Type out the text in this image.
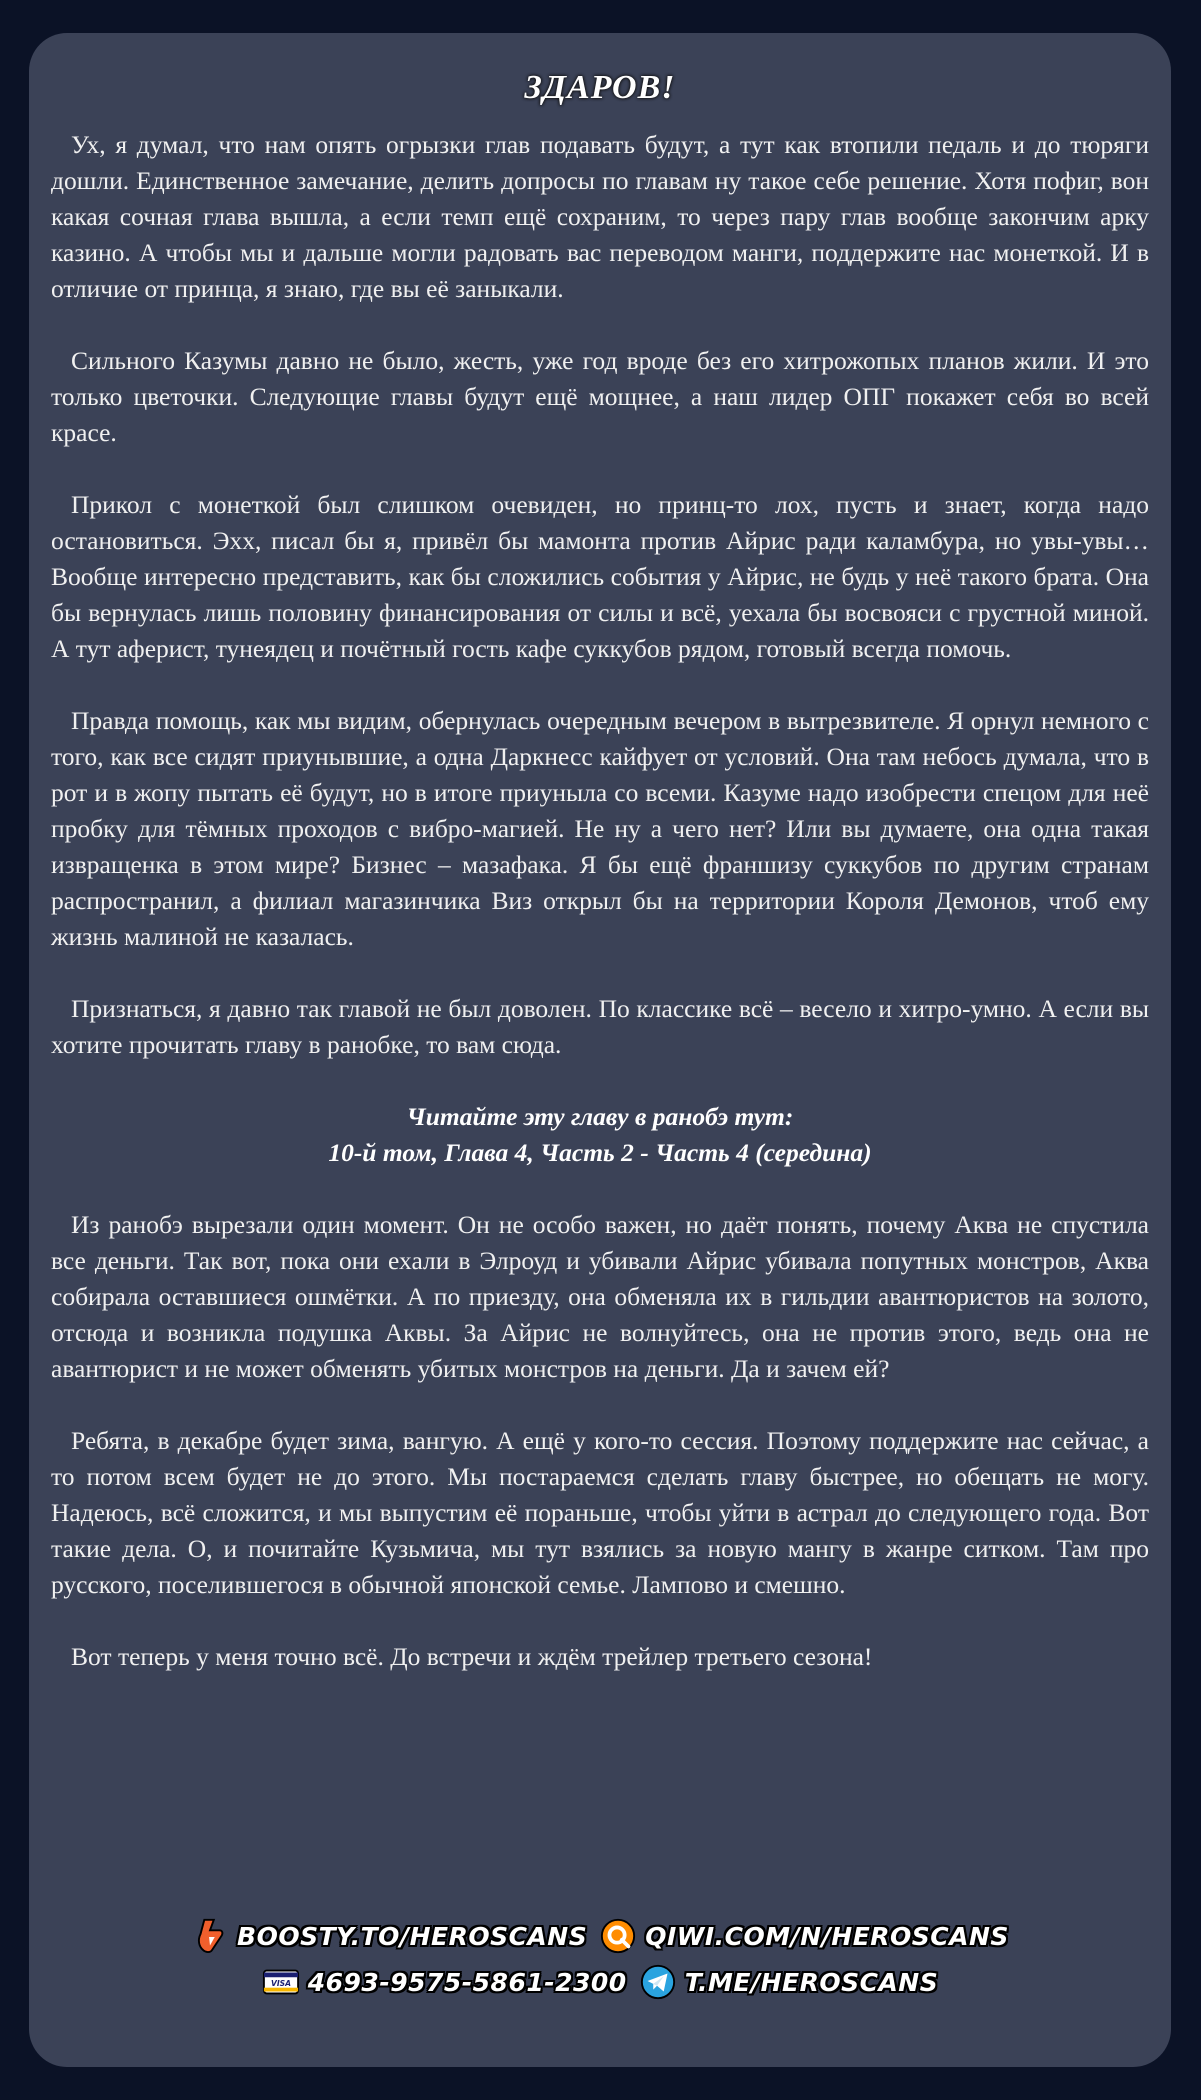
ЗДАРОВ!
Ух, я думал, что нам опять огрызки глав подавать будут, а тут как втопили педаль и до тюряги дошли. Единственное замечание, делить допросы по главам ну такое себе решение. Хотя пофиг, вон какая сочная глава вышла, а если темп ещё сохраним, то через пару глав вообще закончим арку казино. А чтобы мы и дальше могли радовать вас переводом манги, поддержите нас монеткой. И в отличие от принца, я знаю, где вы её заныкали.
Сильного Казумы давно не было, жесть, уже год вроде без его хитрожопых планов жили. И это только цветочки. Следующие главы будут ещё мощнее, а наш лидер ОПГ покажет себя во всей красе.
Прикол с монеткой был слишком очевиден, но принц-то лох, пусть и знает, когда надо остановиться. Эхх, писал бы я, привёл бы мамонта против Айрис ради каламбура, но увы-увы… Вообще интересно представить, как бы сложились события у Айрис, не будь у неё такого брата. Она бы вернулась лишь половину финансирования от силы и всё, уехала бы восвояси с грустной миной. А тут аферист, тунеядец и почётный гость кафе суккубов рядом, готовый всегда помочь.
Правда помощь, как мы видим, обернулась очередным вечером в вытрезвителе. Я орнул немного с того, как все сидят приунывшие, а одна Даркнесс кайфует от условий. Она там небось думала, что в рот и в жопу пытать её будут, но в итоге приуныла со всеми. Казуме надо изобрести спецом для неё пробку для тёмных проходов с вибро-магией. Не ну а чего нет? Или вы думаете, она одна такая извращенка в этом мире? Бизнес – мазафака. Я бы ещё франшизу суккубов по другим странам распространил, а филиал магазинчика Виз открыл бы на территории Короля Демонов, чтоб ему жизнь малиной не казалась.
Признаться, я давно так главой не был доволен. По классике всё – весело и хитро-умно. А если вы хотите прочитать главу в ранобке, то вам сюда.
Читайте эту главу в ранобэ тут:
10-й том, Глава 4, Часть 2 - Часть 4 (середина)
Из ранобэ вырезали один момент. Он не особо важен, но даёт понять, почему Аква не спустила все деньги. Так вот, пока они ехали в Элроуд и убивали Айрис убивала попутных монстров, Аква собирала оставшиеся ошмётки. А по приезду, она обменяла их в гильдии авантюристов на золото, отсюда и возникла подушка Аквы. За Айрис не волнуйтесь, она не против этого, ведь она не авантюрист и не может обменять убитых монстров на деньги. Да и зачем ей?
Ребята, в декабре будет зима, вангую. А ещё у кого-то сессия. Поэтому поддержите нас сейчас, а то потом всем будет не до этого. Мы постараемся сделать главу быстрее, но обещать не могу. Надеюсь, всё сложится, и мы выпустим её пораньше, чтобы уйти в астрал до следующего года. Вот такие дела. О, и почитайте Кузьмича, мы тут взялись за новую мангу в жанре ситком. Там про русского, поселившегося в обычной японской семье. Лампово и смешно.
Вот теперь у меня точно всё. До встречи и ждём трейлер третьего сезона!
BOOSTY.TO/HEROSCANS QIWI.COM/N/HEROSCANS
VISA 4693-9575-5861-2300 T.ME/HEROSCANS
